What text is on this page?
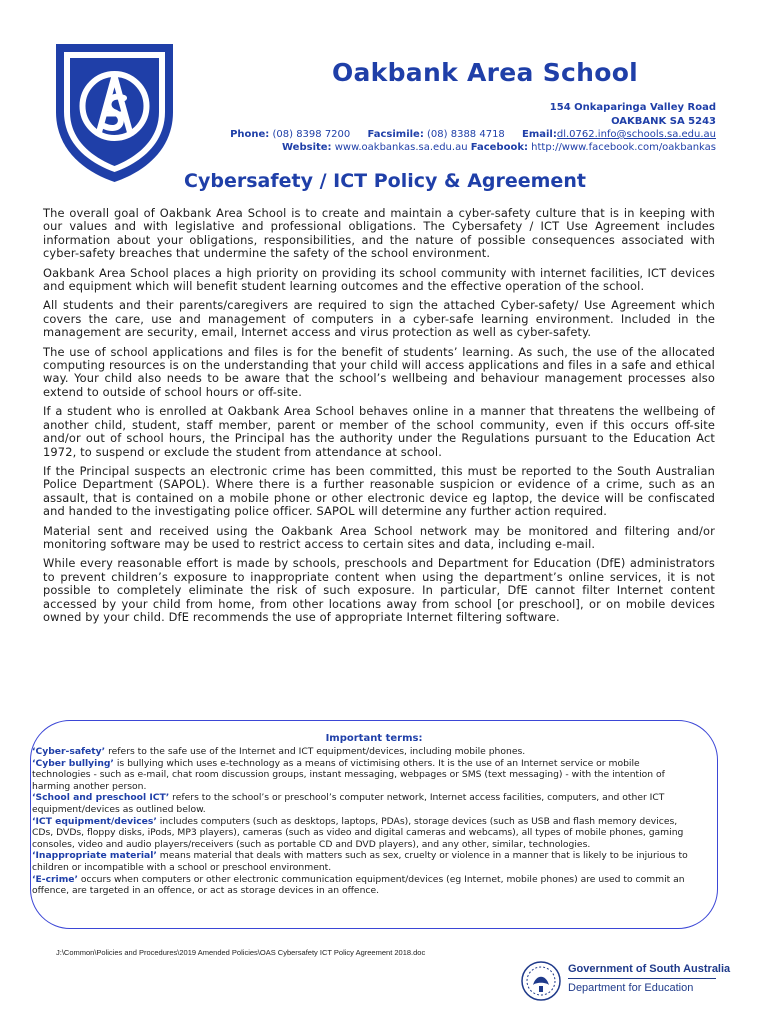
Oakbank Area School
154 Onkaparinga Valley Road
OAKBANK SA 5243
Phone: (08) 8398 7200 Facsimile: (08) 8388 4718 Email:dl.0762.info@schools.sa.edu.au
Website: www.oakbankas.sa.edu.au Facebook: http://www.facebook.com/oakbankas
Cybersafety / ICT Policy & Agreement

The overall goal of Oakbank Area School is to create and maintain a cyber-safety culture that is in keeping with our values and with legislative and professional obligations. The Cybersafety / ICT Use Agreement includes information about your obligations, responsibilities, and the nature of possible consequences associated with cyber-safety breaches that undermine the safety of the school environment.

Oakbank Area School places a high priority on providing its school community with internet facilities, ICT devices and equipment which will benefit student learning outcomes and the effective operation of the school.

All students and their parents/caregivers are required to sign the attached Cyber-safety/ Use Agreement which covers the care, use and management of computers in a cyber-safe learning environment. Included in the management are security, email, Internet access and virus protection as well as cyber-safety.

The use of school applications and files is for the benefit of students’ learning. As such, the use of the allocated computing resources is on the understanding that your child will access applications and files in a safe and ethical way. Your child also needs to be aware that the school’s wellbeing and behaviour management processes also extend to outside of school hours or off-site.

If a student who is enrolled at Oakbank Area School behaves online in a manner that threatens the wellbeing of another child, student, staff member, parent or member of the school community, even if this occurs off-site and/or out of school hours, the Principal has the authority under the Regulations pursuant to the Education Act 1972, to suspend or exclude the student from attendance at school.

If the Principal suspects an electronic crime has been committed, this must be reported to the South Australian Police Department (SAPOL). Where there is a further reasonable suspicion or evidence of a crime, such as an assault, that is contained on a mobile phone or other electronic device eg laptop, the device will be confiscated and handed to the investigating police officer. SAPOL will determine any further action required.

Material sent and received using the Oakbank Area School network may be monitored and filtering and/or monitoring software may be used to restrict access to certain sites and data, including e-mail.

While every reasonable effort is made by schools, preschools and Department for Education (DfE) administrators to prevent children’s exposure to inappropriate content when using the department’s online services, it is not possible to completely eliminate the risk of such exposure. In particular, DfE cannot filter Internet content accessed by your child from home, from other locations away from school [or preschool], or on mobile devices owned by your child. DfE recommends the use of appropriate Internet filtering software.

Important terms:

‘Cyber-safety’ refers to the safe use of the Internet and ICT equipment/devices, including mobile phones.

‘Cyber bullying’ is bullying which uses e-technology as a means of victimising others. It is the use of an Internet service or mobile technologies - such as e-mail, chat room discussion groups, instant messaging, webpages or SMS (text messaging) - with the intention of harming another person.

‘School and preschool ICT’ refers to the school’s or preschool’s computer network, Internet access facilities, computers, and other ICT equipment/devices as outlined below.

‘ICT equipment/devices’ includes computers (such as desktops, laptops, PDAs), storage devices (such as USB and flash memory devices, CDs, DVDs, floppy disks, iPods, MP3 players), cameras (such as video and digital cameras and webcams), all types of mobile phones, gaming consoles, video and audio players/receivers (such as portable CD and DVD players), and any other, similar, technologies.

‘Inappropriate material’ means material that deals with matters such as sex, cruelty or violence in a manner that is likely to be injurious to children or incompatible with a school or preschool environment.

‘E-crime’ occurs when computers or other electronic communication equipment/devices (eg Internet, mobile phones) are used to commit an offence, are targeted in an offence, or act as storage devices in an offence.

J:\Common\Policies and Procedures\2019 Amended Policies\OAS Cybersafety ICT Policy Agreement 2018.doc
Government of South Australia
Department for Education
